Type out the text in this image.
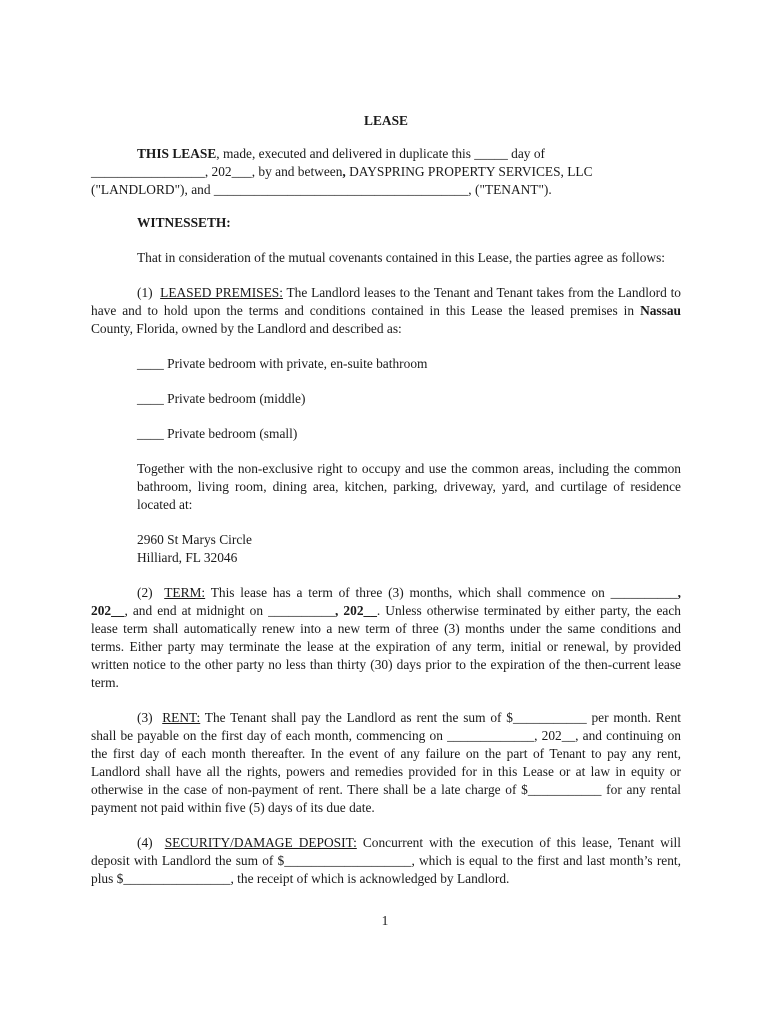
LEASE

THIS LEASE, made, executed and delivered in duplicate this _____ day of
_________________, 202___, by and between, DAYSPRING PROPERTY SERVICES, LLC
("LANDLORD"), and ______________________________________, ("TENANT").

WITNESSETH:

That in consideration of the mutual covenants contained in this Lease, the parties agree as follows:

(1) LEASED PREMISES: The Landlord leases to the Tenant and Tenant takes from the Landlord to have and to hold upon the terms and conditions contained in this Lease the leased premises in Nassau County, Florida, owned by the Landlord and described as:

____ Private bedroom with private, en-suite bathroom

____ Private bedroom (middle)

____ Private bedroom (small)

Together with the non-exclusive right to occupy and use the common areas, including the common bathroom, living room, dining area, kitchen, parking, driveway, yard, and curtilage of residence located at:

2960 St Marys Circle
Hilliard, FL 32046

(2) TERM: This lease has a term of three (3) months, which shall commence on __________, 202__, and end at midnight on __________, 202__. Unless otherwise terminated by either party, the each lease term shall automatically renew into a new term of three (3) months under the same conditions and terms. Either party may terminate the lease at the expiration of any term, initial or renewal, by provided written notice to the other party no less than thirty (30) days prior to the expiration of the then-current lease term.

(3) RENT: The Tenant shall pay the Landlord as rent the sum of $___________ per month. Rent shall be payable on the first day of each month, commencing on _____________, 202__, and continuing on the first day of each month thereafter. In the event of any failure on the part of Tenant to pay any rent, Landlord shall have all the rights, powers and remedies provided for in this Lease or at law in equity or otherwise in the case of non-payment of rent. There shall be a late charge of $___________ for any rental payment not paid within five (5) days of its due date.

(4) SECURITY/DAMAGE DEPOSIT: Concurrent with the execution of this lease, Tenant will deposit with Landlord the sum of $___________________, which is equal to the first and last month’s rent, plus $________________, the receipt of which is acknowledged by Landlord.

1
